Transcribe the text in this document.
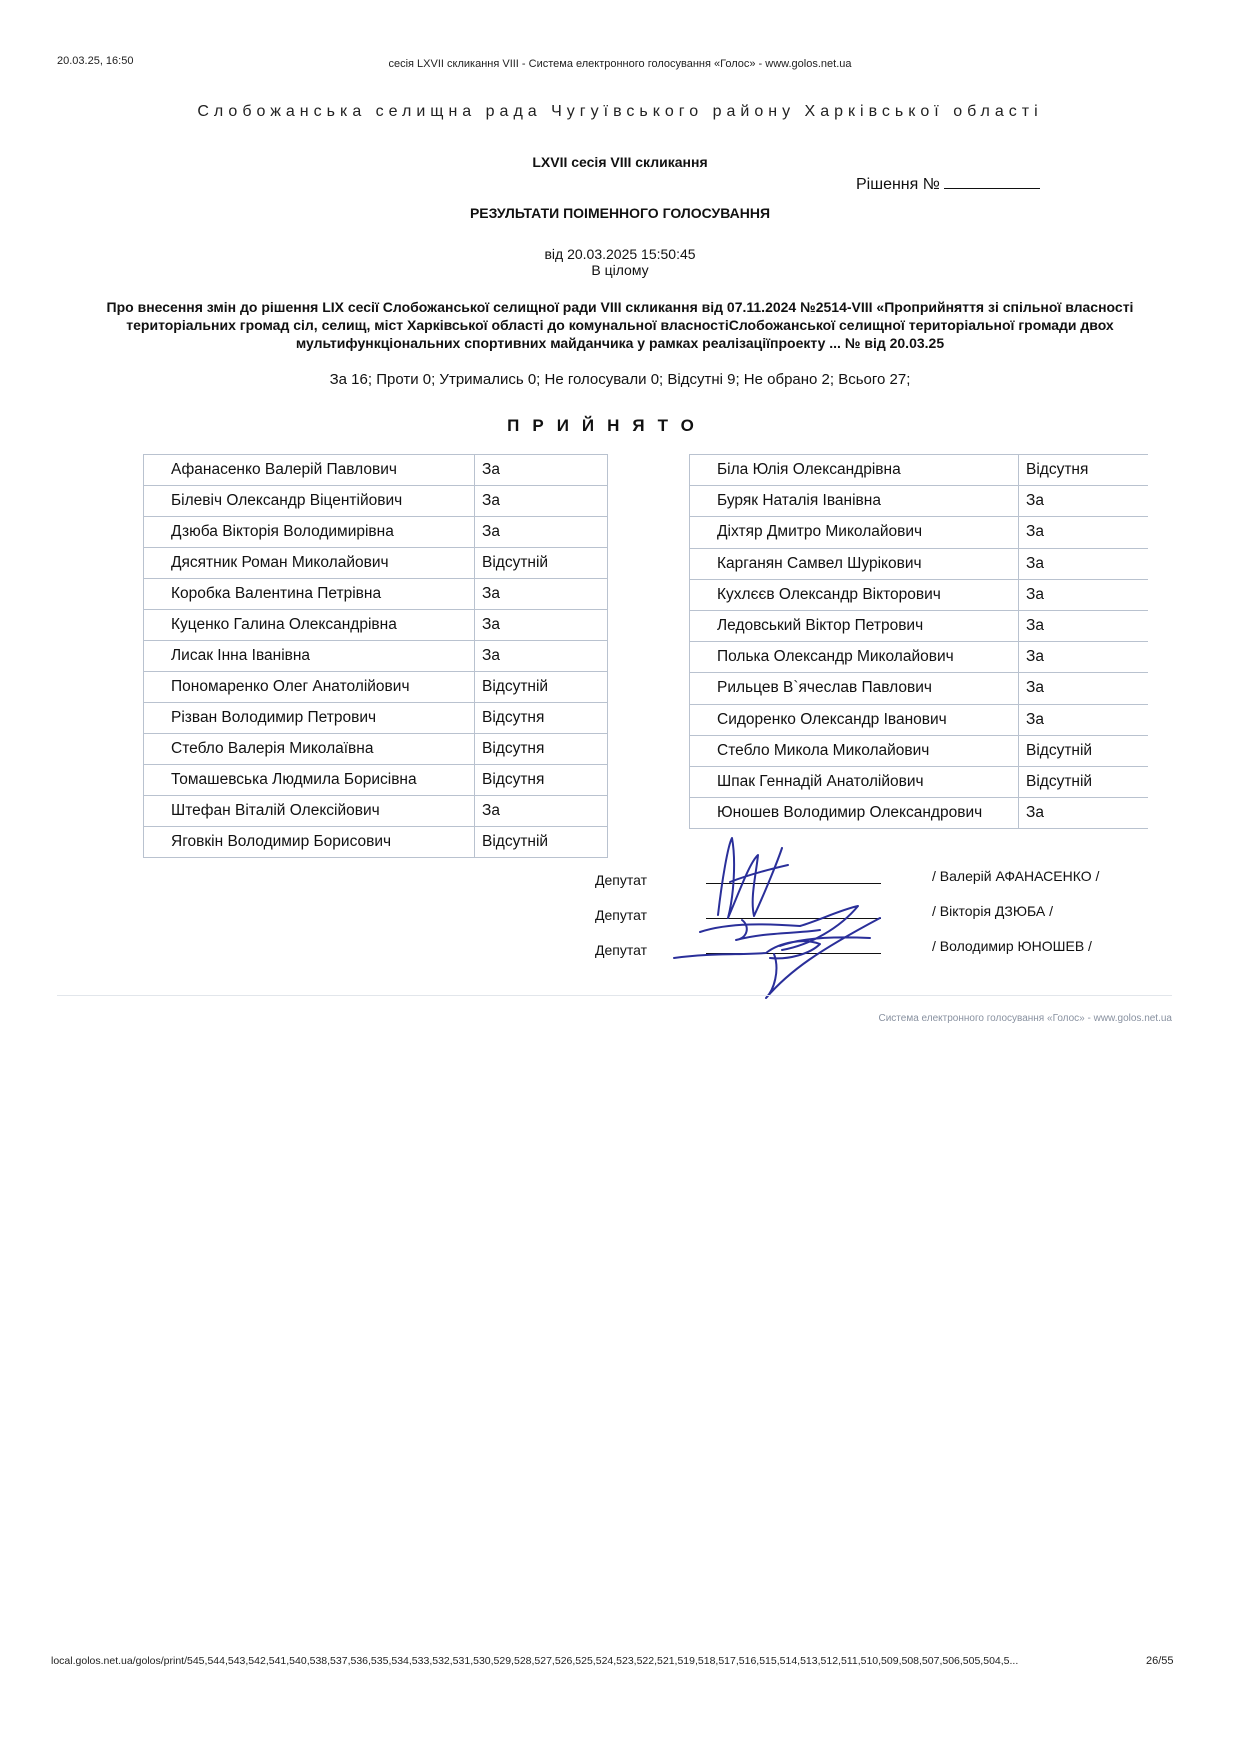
20.03.25, 16:50	сесія LXVII скликання VIII - Система електронного голосування «Голос» - www.golos.net.ua
Слобожанська селищна рада Чугуївського району Харківської області
LXVII сесія VIII скликання
Рішення №
РЕЗУЛЬТАТИ ПОІМЕННОГО ГОЛОСУВАННЯ
від 20.03.2025 15:50:45
В цілому
Про внесення змін до рішення LIX сесії Слобожанської селищної ради VIII скликання від 07.11.2024 №2514-VIII «Проприйняття зі спільної власності територіальних громад сіл, селищ, міст Харківської області до комунальної власностіСлобожанської селищної територіальної громади двох мультифункціональних спортивних майданчика у рамках реалізаціїпроекту ... № від 20.03.25
За 16; Проти 0; Утримались 0; Не голосували 0; Відсутні 9; Не обрано 2; Всього 27;
ПРИЙНЯТО
Афанасенко Валерій Павлович	За
Білевіч Олександр Віцентійович	За
Дзюба Вікторія Володимирівна	За
Дясятник Роман Миколайович	Відсутній
Коробка Валентина Петрівна	За
Куценко Галина Олександрівна	За
Лисак Інна Іванівна	За
Пономаренко Олег Анатолійович	Відсутній
Різван Володимир Петрович	Відсутня
Стебло Валерія Миколаївна	Відсутня
Томашевська Людмила Борисівна	Відсутня
Штефан Віталій Олексійович	За
Яговкін Володимир Борисович	Відсутній
Біла Юлія Олександрівна	Відсутня
Буряк Наталія Іванівна	За
Діхтяр Дмитро Миколайович	За
Карганян Самвел Шурікович	За
Кухлєєв Олександр Вікторович	За
Ледовський Віктор Петрович	За
Полька Олександр Миколайович	За
Рильцев В`ячеслав Павлович	За
Сидоренко Олександр Іванович	За
Стебло Микола Миколайович	Відсутній
Шпак Геннадій Анатолійович	Відсутній
Юношев Володимир Олександрович	За
Депутат	/ Валерій АФАНАСЕНКО /
Депутат	/ Вікторія ДЗЮБА /
Депутат	/ Володимир ЮНОШЕВ /
Система електронного голосування «Голос» - www.golos.net.ua
local.golos.net.ua/golos/print/545,544,543,542,541,540,538,537,536,535,534,533,532,531,530,529,528,527,526,525,524,523,522,521,519,518,517,516,515,514,513,512,511,510,509,508,507,506,505,504,5...	26/55
